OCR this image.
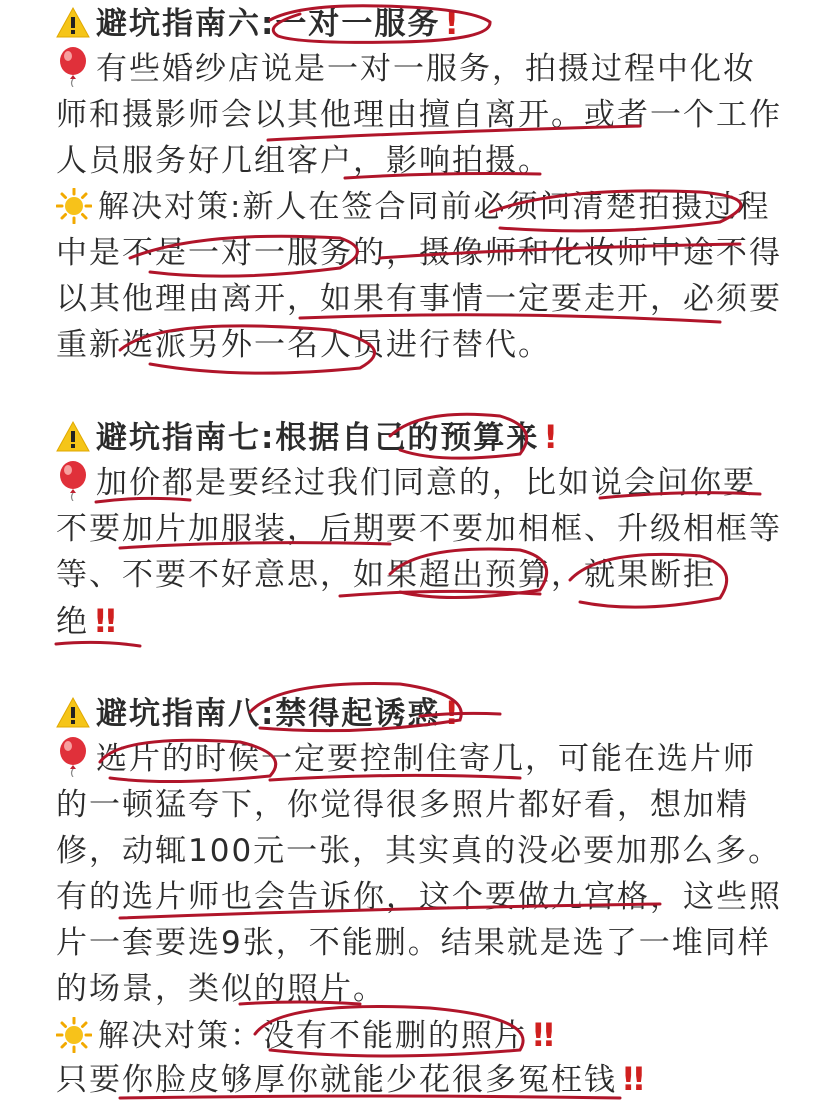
避坑指南六:一对一服务 !
有些婚纱店说是一对一服务，拍摄过程中化妆
师和摄影师会以其他理由擅自离开。或者一个工作
人员服务好几组客户，影响拍摄。
解决对策:新人在签合同前必须问清楚拍摄过程
中是不是一对一服务的，摄像师和化妆师中途不得
以其他理由离开，如果有事情一定要走开，必须要
重新选派另外一名人员进行替代。
避坑指南七:根据自己的预算来 !
加价都是要经过我们同意的，比如说会问你要
不要加片加服装，后期要不要加相框、升级相框等
等、不要不好意思，如果超出预算，就果断拒
绝 !!
避坑指南八:禁得起诱惑 !
选片的时候一定要控制住寄几，可能在选片师
的一顿猛夸下，你觉得很多照片都好看，想加精
修，动辄100元一张，其实真的没必要加那么多。
有的选片师也会告诉你，这个要做九宫格，这些照
片一套要选9张，不能删。结果就是选了一堆同样
的场景，类似的照片。
解决对策：没有不能删的照片 !!
只要你脸皮够厚你就能少花很多冤枉钱 !!
